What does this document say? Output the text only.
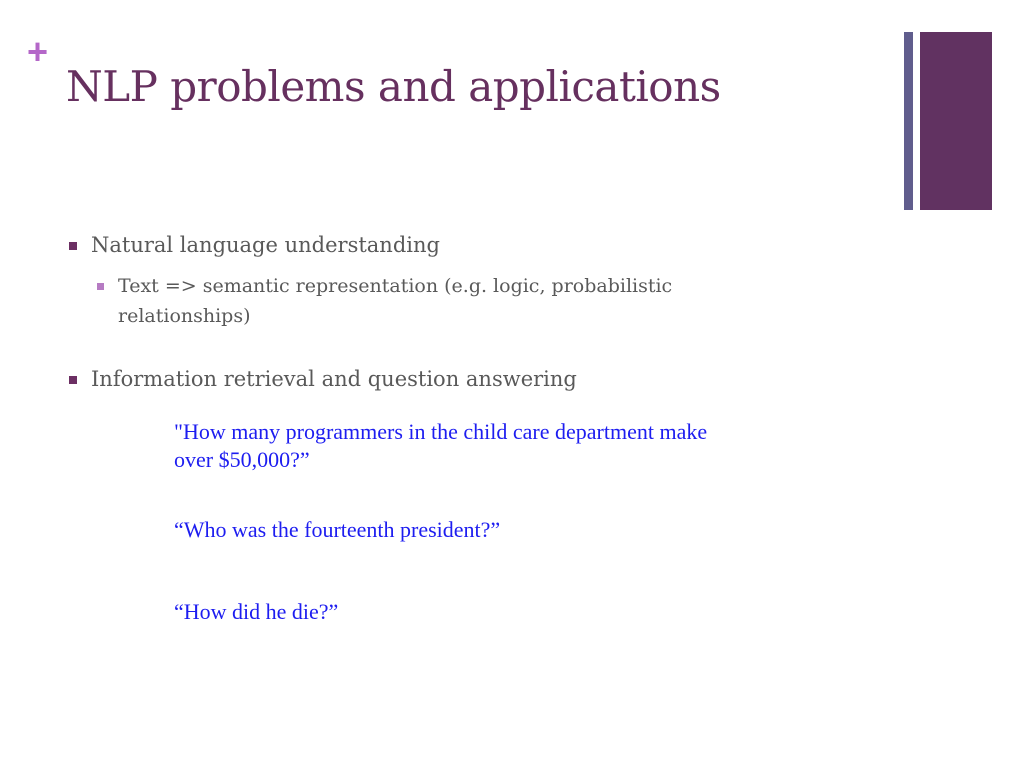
+
NLP problems and applications
Natural language understanding
Text => semantic representation (e.g. logic, probabilistic
relationships)
Information retrieval and question answering
"How many programmers in the child care department make
over $50,000?”
“Who was the fourteenth president?”
“How did he die?”
